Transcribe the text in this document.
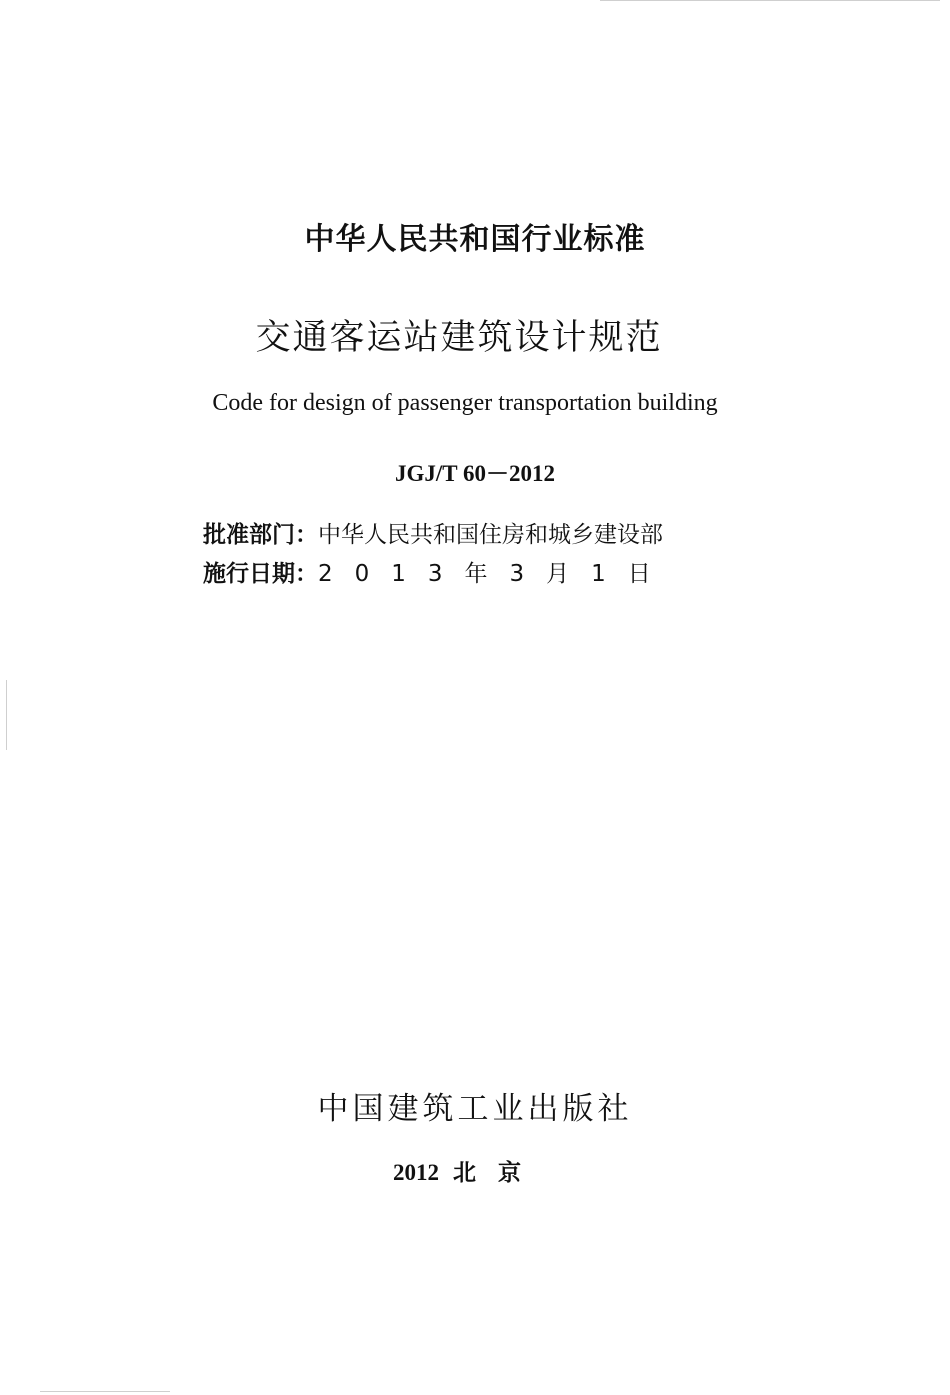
中华人民共和国行业标准
交通客运站建筑设计规范
Code for design of passenger transportation building
JGJ/T 60－2012
批准部门：中华人民共和国住房和城乡建设部
施行日期：2013年3月1日
中国建筑工业出版社
2012 北京
